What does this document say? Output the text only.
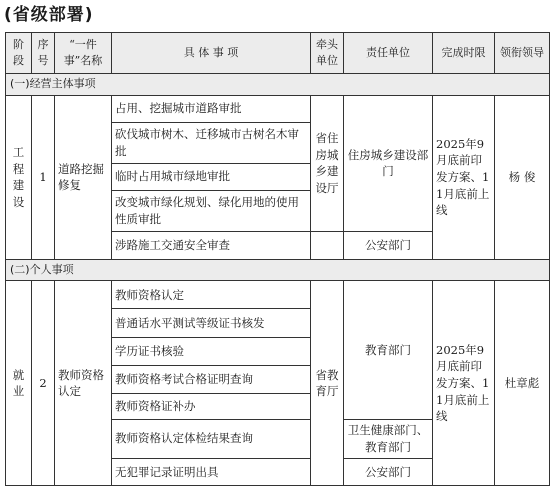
(省级部署)
阶段	序号	“一件事”名称	具 体 事 项	牵头单位	责任单位	完成时限	领衔领导
(一)经营主体事项							
工程建设	1	道路挖掘修复	占用、挖掘城市道路审批	省住房城乡建设厅	住房城乡建设部门	2025年9月底前印发方案、11月底前上线	杨 俊
			砍伐城市树木、迁移城市古树名木审批				
			临时占用城市绿地审批				
			改变城市绿化规划、绿化用地的使用性质审批				
			涉路施工交通安全审查		公安部门		
(二)个人事项							
就业	2	教师资格认定	教师资格认定	省教育厅	教育部门	2025年9月底前印发方案、11月底前上线	杜章彪
			普通话水平测试等级证书核发				
			学历证书核验				
			教师资格考试合格证明查询				
			教师资格证补办				
			教师资格认定体检结果查询		卫生健康部门、教育部门		
			无犯罪记录证明出具		公安部门		
